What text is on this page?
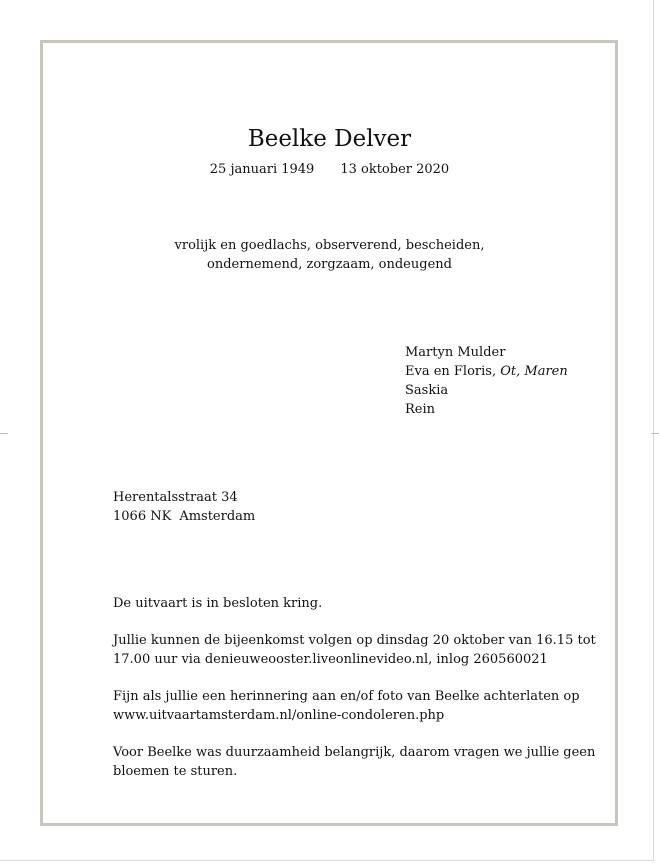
Beelke Delver
25 januari 1949 13 oktober 2020
vrolijk en goedlachs, observerend, bescheiden,
ondernemend, zorgzaam, ondeugend
Martyn Mulder
Eva en Floris, Ot, Maren
Saskia
Rein
Herentalsstraat 34
1066 NK Amsterdam

De uitvaart is in besloten kring.

Jullie kunnen de bijeenkomst volgen op dinsdag 20 oktober van 16.15 tot
17.00 uur via denieuweooster.liveonlinevideo.nl, inlog 260560021

Fijn als jullie een herinnering aan en/of foto van Beelke achterlaten op
www.uitvaartamsterdam.nl/online-condoleren.php

Voor Beelke was duurzaamheid belangrijk, daarom vragen we jullie geen
bloemen te sturen.
